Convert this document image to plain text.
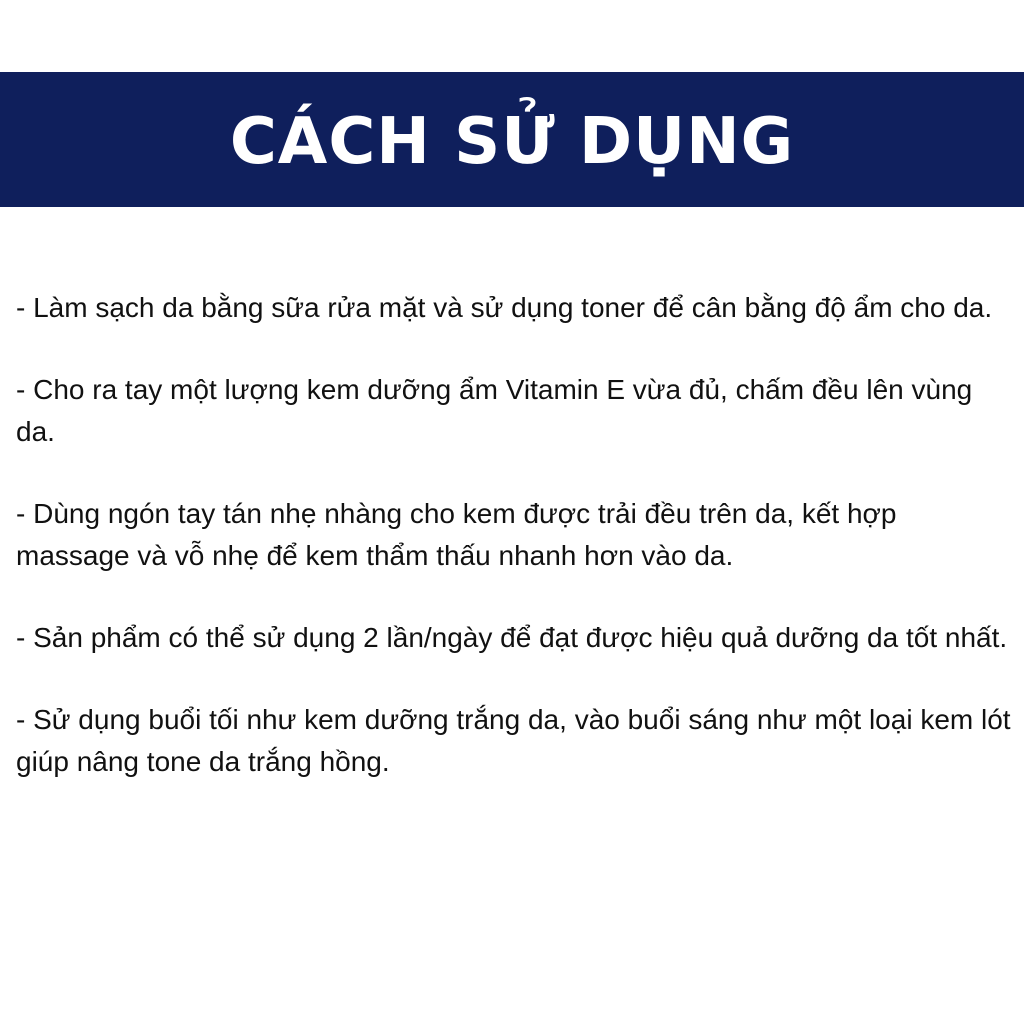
CÁCH SỬ DỤNG

- Làm sạch da bằng sữa rửa mặt và sử dụng toner để cân bằng độ ẩm cho da.

- Cho ra tay một lượng kem dưỡng ẩm Vitamin E vừa đủ, chấm đều lên vùng da.

- Dùng ngón tay tán nhẹ nhàng cho kem được trải đều trên da, kết hợp massage và vỗ nhẹ để kem thẩm thấu nhanh hơn vào da.

- Sản phẩm có thể sử dụng 2 lần/ngày để đạt được hiệu quả dưỡng da tốt nhất.

- Sử dụng buổi tối như kem dưỡng trắng da, vào buổi sáng như một loại kem lót giúp nâng tone da trắng hồng.
